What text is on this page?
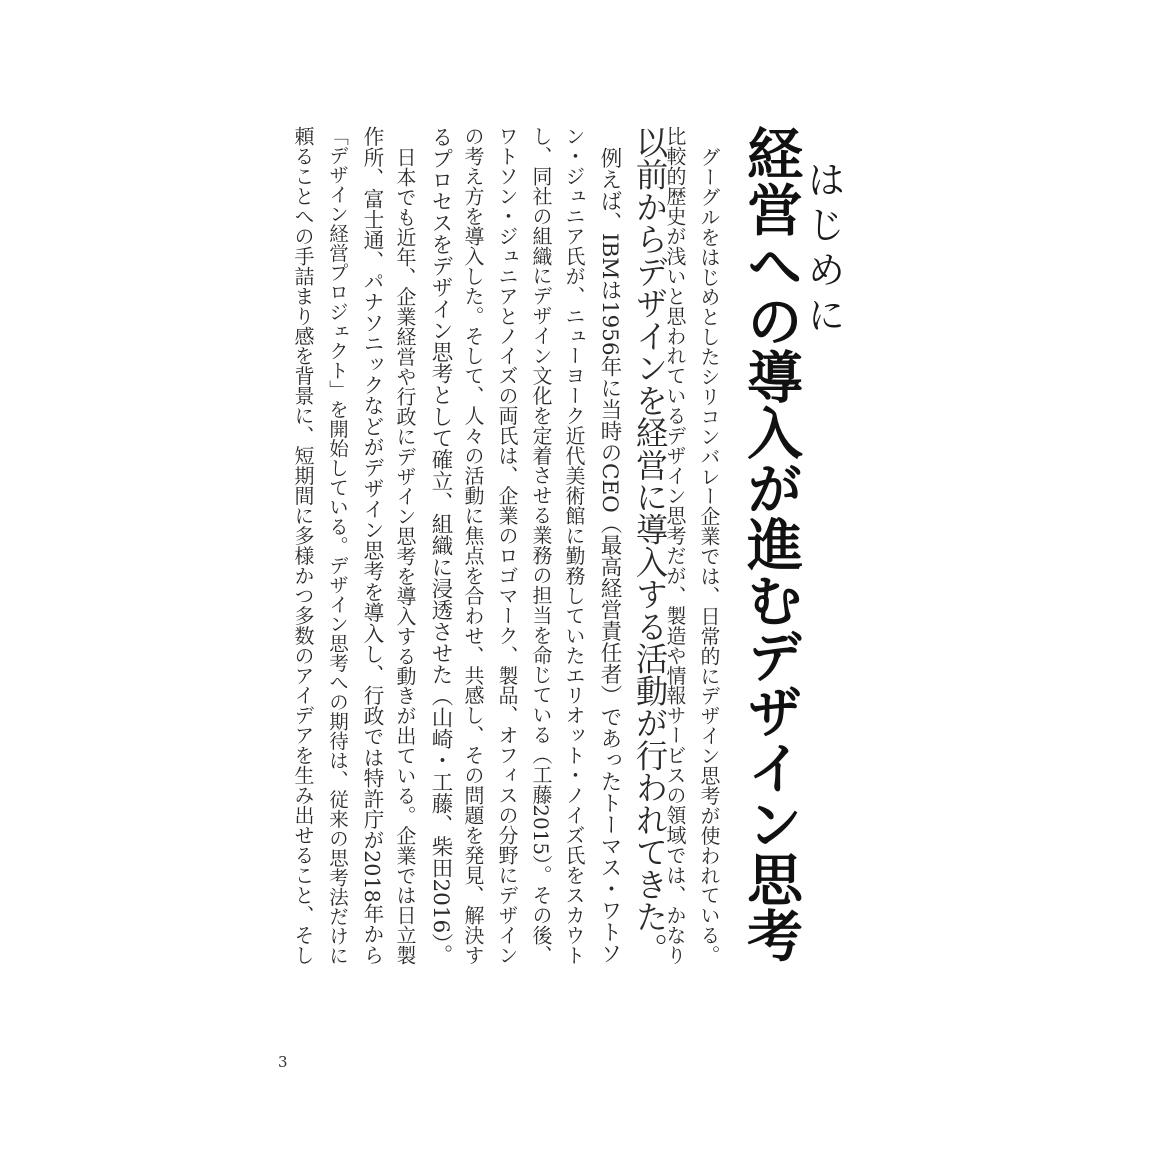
はじめに
経営への導入が進むデザイン思考
グーグルをはじめとしたシリコンバレー企業では、日常的にデザイン思考が使われている。
比較的歴史が浅いと思われているデザイン思考だが、製造や情報サービスの領域では、かなり
以前からデザインを経営に導入する活動が行われてきた。
例えば、IBMは1956年に当時のCEO（最高経営責任者）であったトーマス・ワトソ
ン・ジュニア氏が、ニューヨーク近代美術館に勤務していたエリオット・ノイズ氏をスカウト
し、同社の組織にデザイン文化を定着させる業務の担当を命じている（工藤2015）。その後、
ワトソン・ジュニアとノイズの両氏は、企業のロゴマーク、製品、オフィスの分野にデザイン
の考え方を導入した。そして、人々の活動に焦点を合わせ、共感し、その問題を発見、解決す
るプロセスをデザイン思考として確立、組織に浸透させた（山崎・工藤、柴田2016）。
日本でも近年、企業経営や行政にデザイン思考を導入する動きが出ている。企業では日立製
作所、富士通、パナソニックなどがデザイン思考を導入し、行政では特許庁が2018年から
「デザイン経営プロジェクト」を開始している。デザイン思考への期待は、従来の思考法だけに
頼ることへの手詰まり感を背景に、短期間に多様かつ多数のアイデアを生み出せること、そし
3
